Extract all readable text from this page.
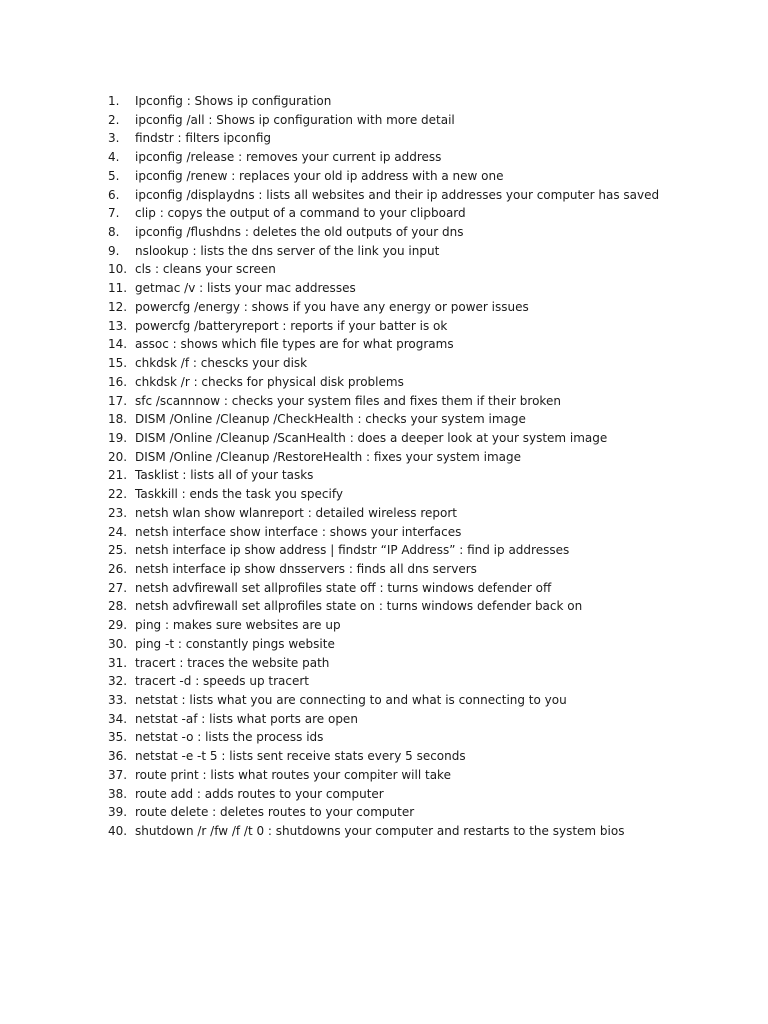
1.	Ipconfig : Shows ip configuration
2.	ipconfig /all : Shows ip configuration with more detail
3.	findstr : filters ipconfig
4.	ipconfig /release : removes your current ip address
5.	ipconfig /renew : replaces your old ip address with a new one
6.	ipconfig /displaydns : lists all websites and their ip addresses your computer has saved
7.	clip : copys the output of a command to your clipboard
8.	ipconfig /flushdns : deletes the old outputs of your dns
9.	nslookup : lists the dns server of the link you input
10. cls : cleans your screen
11. getmac /v : lists your mac addresses
12. powercfg /energy : shows if you have any energy or power issues
13. powercfg /batteryreport : reports if your batter is ok
14. assoc : shows which file types are for what programs
15. chkdsk /f : chescks your disk
16. chkdsk /r : checks for physical disk problems
17. sfc /scannnow : checks your system files and fixes them if their broken
18. DISM /Online /Cleanup /CheckHealth : checks your system image
19. DISM /Online /Cleanup /ScanHealth : does a deeper look at your system image
20. DISM /Online /Cleanup /RestoreHealth : fixes your system image
21. Tasklist : lists all of your tasks
22. Taskkill : ends the task you specify
23. netsh wlan show wlanreport : detailed wireless report
24. netsh interface show interface : shows your interfaces
25. netsh interface ip show address | findstr “IP Address” : find ip addresses
26. netsh interface ip show dnsservers : finds all dns servers
27. netsh advfirewall set allprofiles state off : turns windows defender off
28. netsh advfirewall set allprofiles state on : turns windows defender back on
29. ping : makes sure websites are up
30. ping -t : constantly pings website
31. tracert : traces the website path
32. tracert -d : speeds up tracert
33. netstat : lists what you are connecting to and what is connecting to you
34. netstat -af : lists what ports are open
35. netstat -o : lists the process ids
36. netstat -e -t 5 : lists sent receive stats every 5 seconds
37. route print : lists what routes your compiter will take
38. route add : adds routes to your computer
39. route delete : deletes routes to your computer
40. shutdown /r /fw /f /t 0 : shutdowns your computer and restarts to the system bios
